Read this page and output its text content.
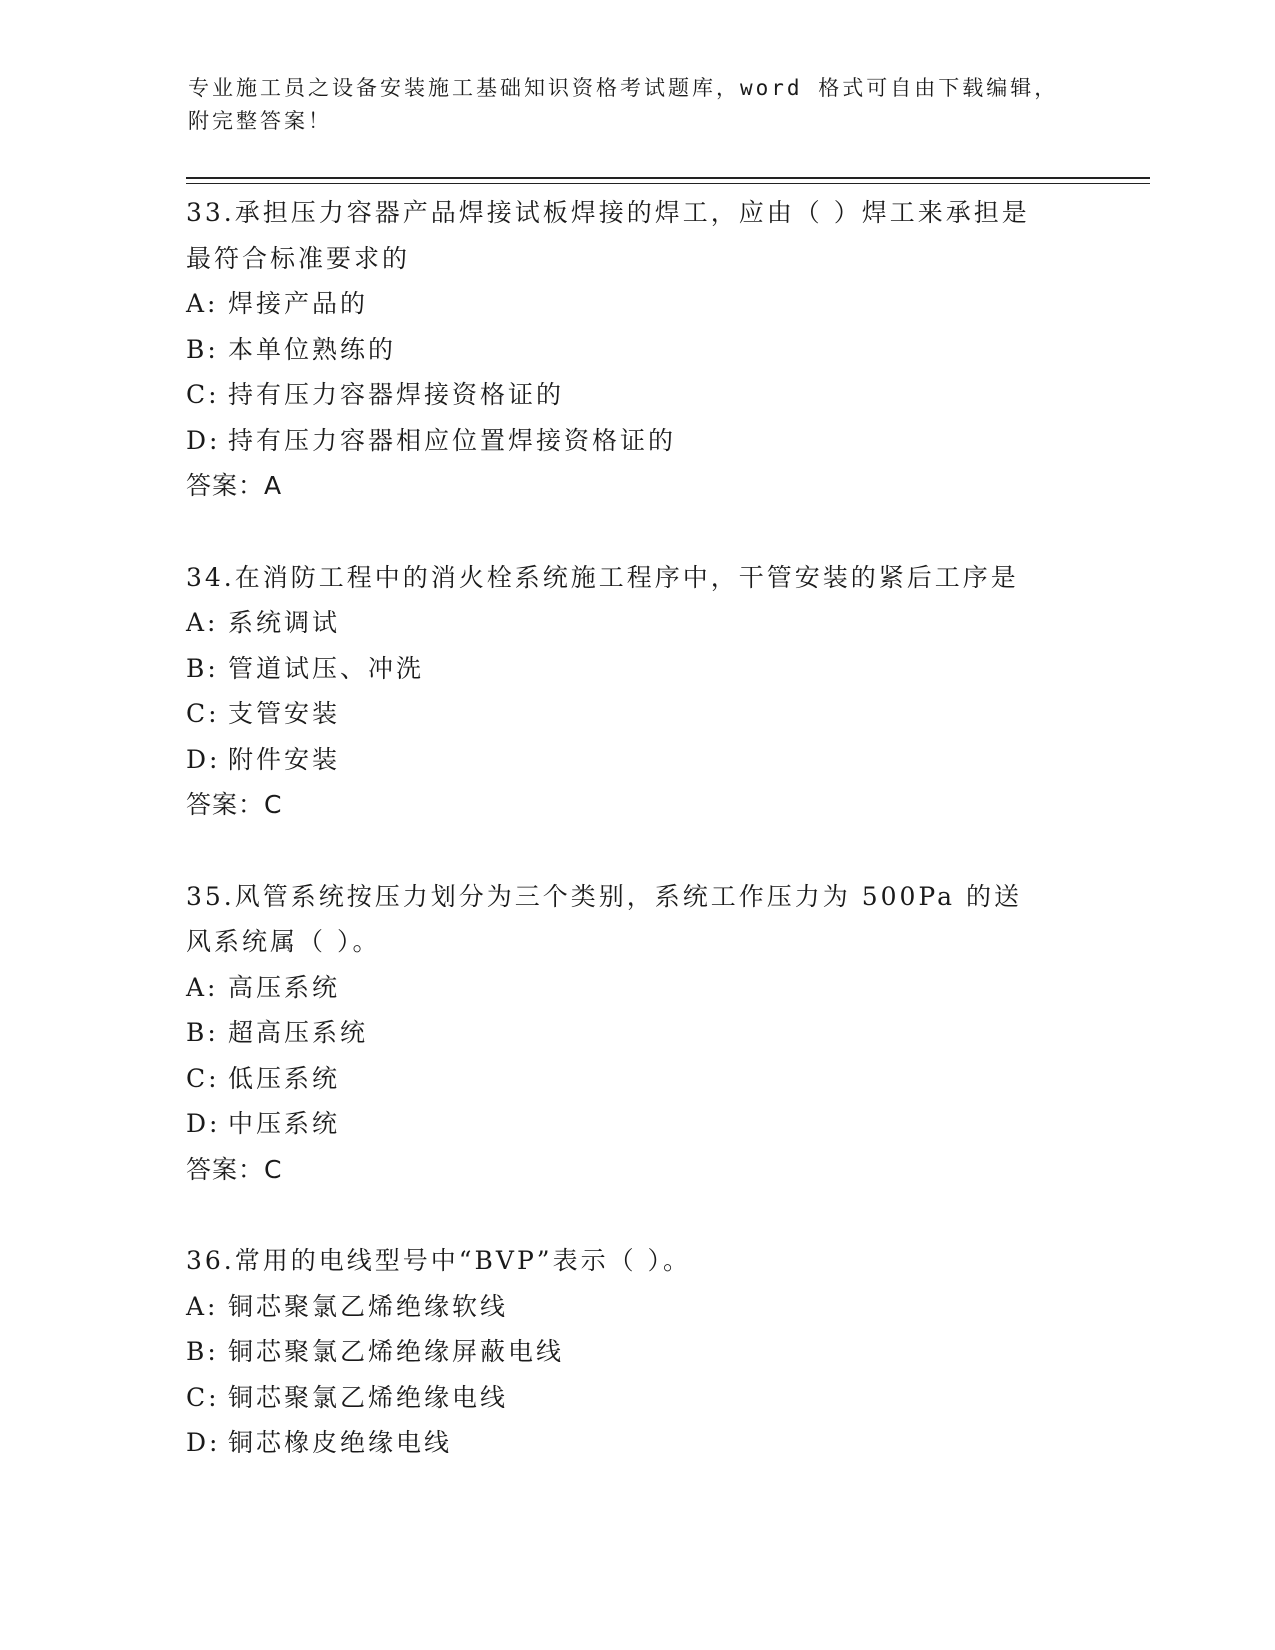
专业施工员之设备安装施工基础知识资格考试题库，word 格式可自由下载编辑，
附完整答案！

33.承担压力容器产品焊接试板焊接的焊工，应由（ ）焊工来承担是最符合标准要求的

A: 焊接产品的
B: 本单位熟练的
C: 持有压力容器焊接资格证的
D: 持有压力容器相应位置焊接资格证的
答案：A

34.在消防工程中的消火栓系统施工程序中，干管安装的紧后工序是

A: 系统调试
B: 管道试压、冲洗
C: 支管安装
D: 附件安装
答案：C

35.风管系统按压力划分为三个类别，系统工作压力为 500Pa 的送风系统属（ ）。

A: 高压系统
B: 超高压系统
C: 低压系统
D: 中压系统
答案：C

36.常用的电线型号中“BVP”表示（ ）。

A: 铜芯聚氯乙烯绝缘软线
B: 铜芯聚氯乙烯绝缘屏蔽电线
C: 铜芯聚氯乙烯绝缘电线
D: 铜芯橡皮绝缘电线
